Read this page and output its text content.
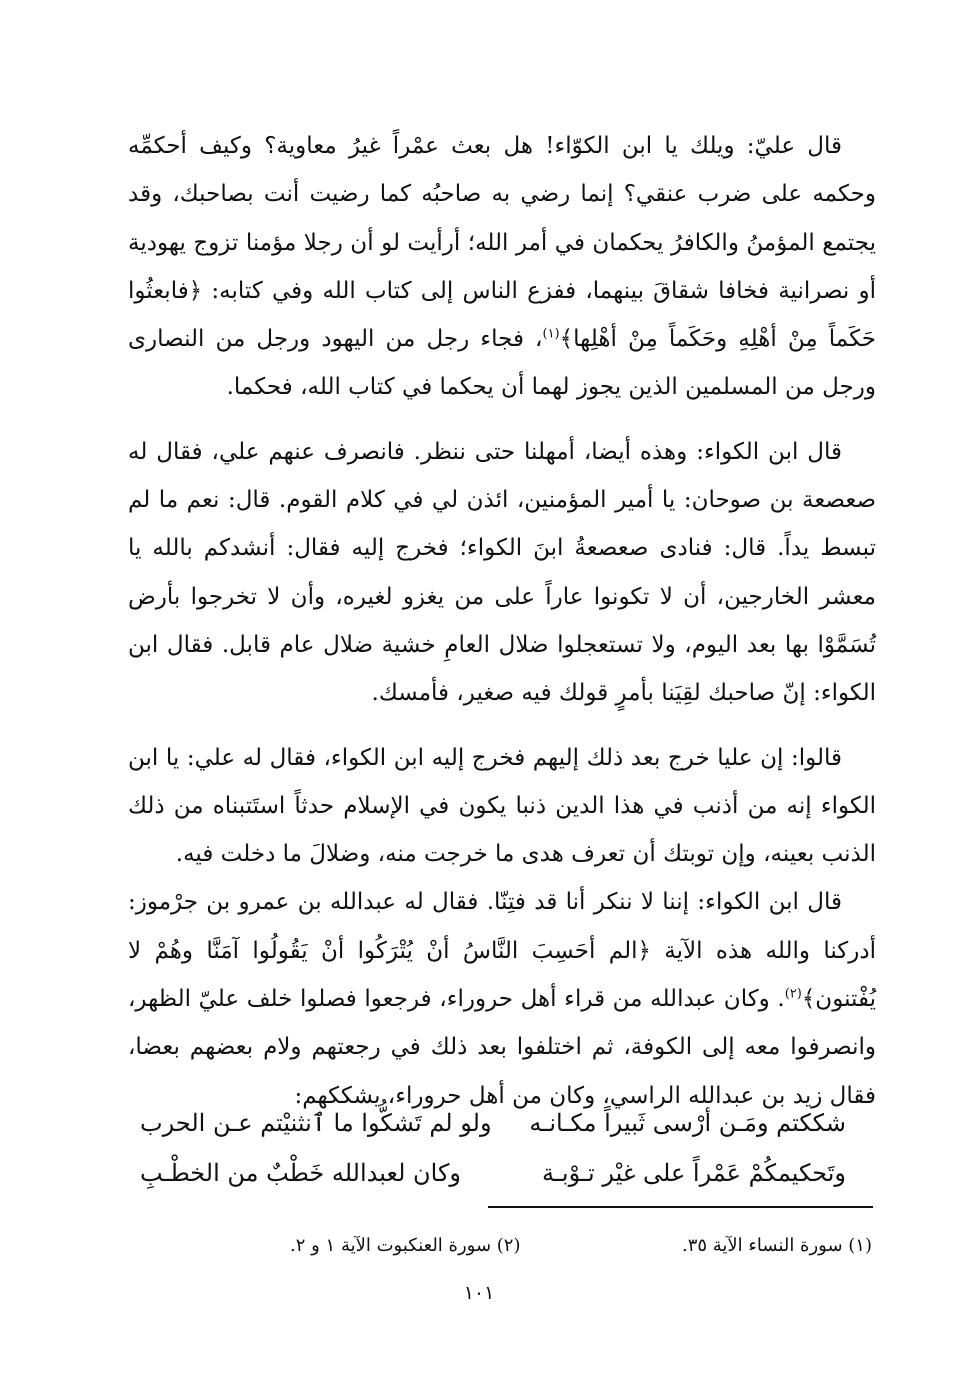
قال عليّ: ويلك يا ابن الكوّاء! هل بعث عمْراً غيرُ معاوية؟ وكيف أحكمِّه وحكمه على ضرب عنقي؟ إنما رضي به صاحبُه كما رضيت أنت بصاحبك، وقد يجتمع المؤمنُ والكافرُ يحكمان في أمر الله؛ أرأيت لو أن رجلا مؤمنا تزوج يهودية أو نصرانية فخافا شقاقَ بينهما، ففزع الناس إلى كتاب الله وفي كتابه: ﴿فابعثُوا حَكَماً مِنْ أهْلِهِ وحَكَماً مِنْ أهْلِها﴾$^{(١)}$، فجاء رجل من اليهود ورجل من النصارى ورجل من المسلمين الذين يجوز لهما أن يحكما في كتاب الله، فحكما.

قال ابن الكواء: وهذه أيضا، أمهلنا حتى ننظر. فانصرف عنهم علي، فقال له صعصعة بن صوحان: يا أمير المؤمنين، ائذن لي في كلام القوم. قال: نعم ما لم تبسط يداً. قال: فنادى صعصعةُ ابنَ الكواء؛ فخرج إليه فقال: أنشدكم بالله يا معشر الخارجين، أن لا تكونوا عاراً على من يغزو لغيره، وأن لا تخرجوا بأرض تُسَمَّوْا بها بعد اليوم، ولا تستعجلوا ضلال العامِ خشية ضلال عام قابل. فقال ابن الكواء: إنّ صاحبك لقِيَنا بأمرٍ قولك فيه صغير، فأمسك.

قالوا: إن عليا خرج بعد ذلك إليهم فخرج إليه ابن الكواء، فقال له علي: يا ابن الكواء إنه من أذنب في هذا الدين ذنبا يكون في الإسلام حدثاً استَتبناه من ذلك الذنب بعينه، وإن توبتك أن تعرف هدى ما خرجت منه، وضلالَ ما دخلت فيه.

قال ابن الكواء: إننا لا ننكر أنا قد فتِنّا. فقال له عبدالله بن عمرو بن جرْموز: أدركنا والله هذه الآية ﴿الم أحَسِبَ النَّاسُ أنْ يُتْرَكُوا أنْ يَقُولُوا آمَنَّا وهُمْ لا يُفْتنون﴾$^{(٢)}$. وكان عبدالله من قراء أهل حروراء، فرجعوا فصلوا خلف عليّ الظهر، وانصرفوا معه إلى الكوفة، ثم اختلفوا بعد ذلك في رجعتهم ولام بعضهم بعضا، فقال زيد بن عبدالله الراسي، وكان من أهل حروراء، يشككهم:

شككتم ومَـن أرْسى ثَبيراً مكـانـه
ولو لم تَشكُّوا ما ٱنثنيْتم عـن الحرب
وتَحكيمكُمْ عَمْراً على غيْر تـوْبـة
وكان لعبدالله خَطْبٌ من الخطْـبِ
(١) سورة النساء الآية ٣٥.
(٢) سورة العنكبوت الآية ١ و ٢.
١٠١
